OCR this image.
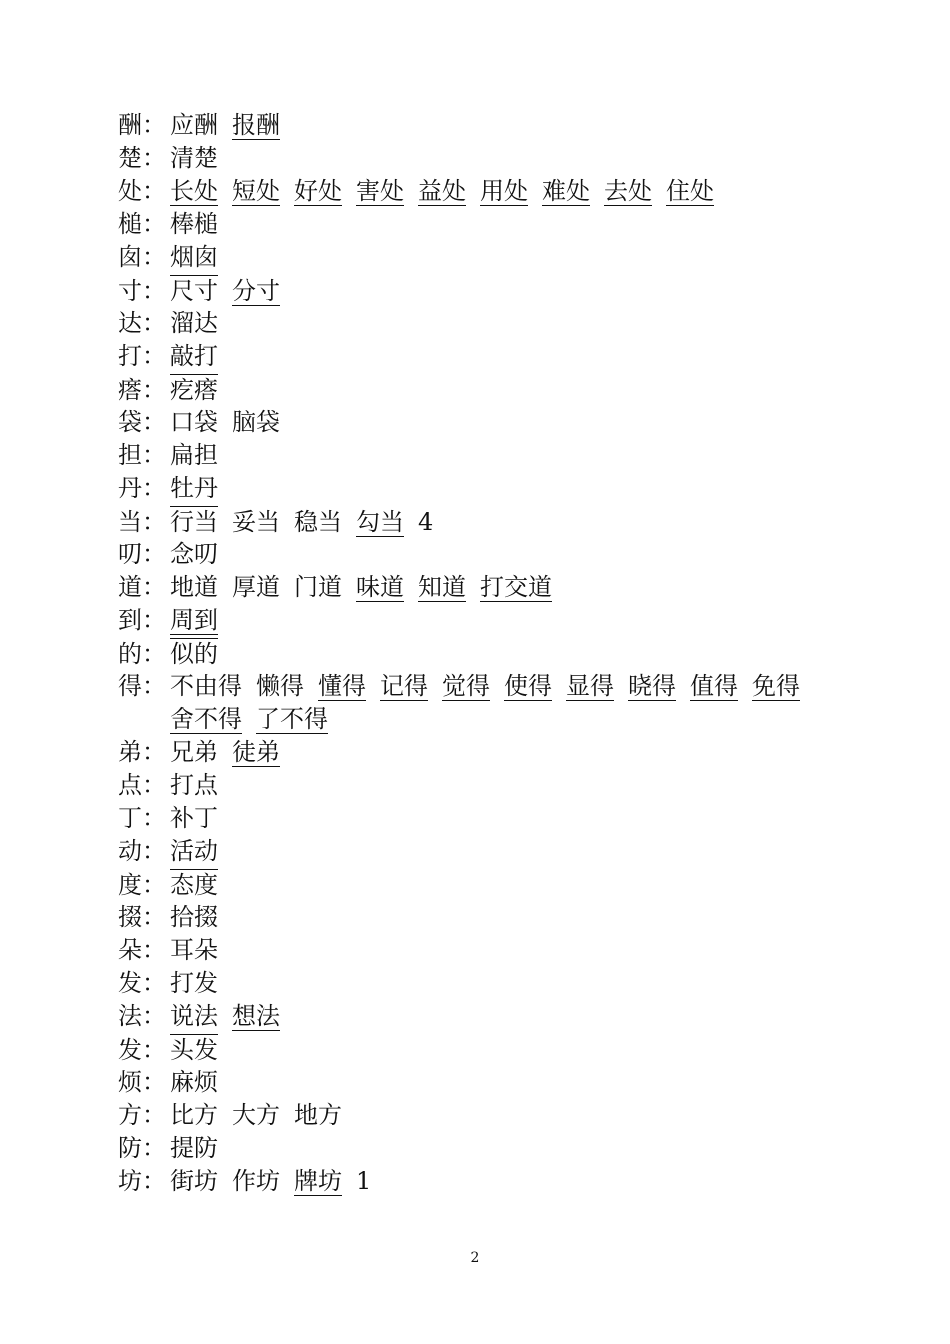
酬： 应酬 报酬
楚： 清楚
处： 长处 短处 好处 害处 益处 用处 难处 去处 住处
槌： 棒槌
囱： 烟囱
寸： 尺寸 分寸
达： 溜达
打： 敲打
瘩： 疙瘩
袋： 口袋 脑袋
担： 扁担
丹： 牡丹
当： 行当 妥当 稳当 勾当 4
叨： 念叨
道： 地道 厚道 门道 味道 知道 打交道
到： 周到
的： 似的
得： 不由得 懒得 懂得 记得 觉得 使得 显得 晓得 值得 免得
舍不得 了不得
弟： 兄弟 徒弟
点： 打点
丁： 补丁
动： 活动
度： 态度
掇： 拾掇
朵： 耳朵
发： 打发
法： 说法 想法
发： 头发
烦： 麻烦
方： 比方 大方 地方
防： 提防
坊： 街坊 作坊 牌坊 1
2
